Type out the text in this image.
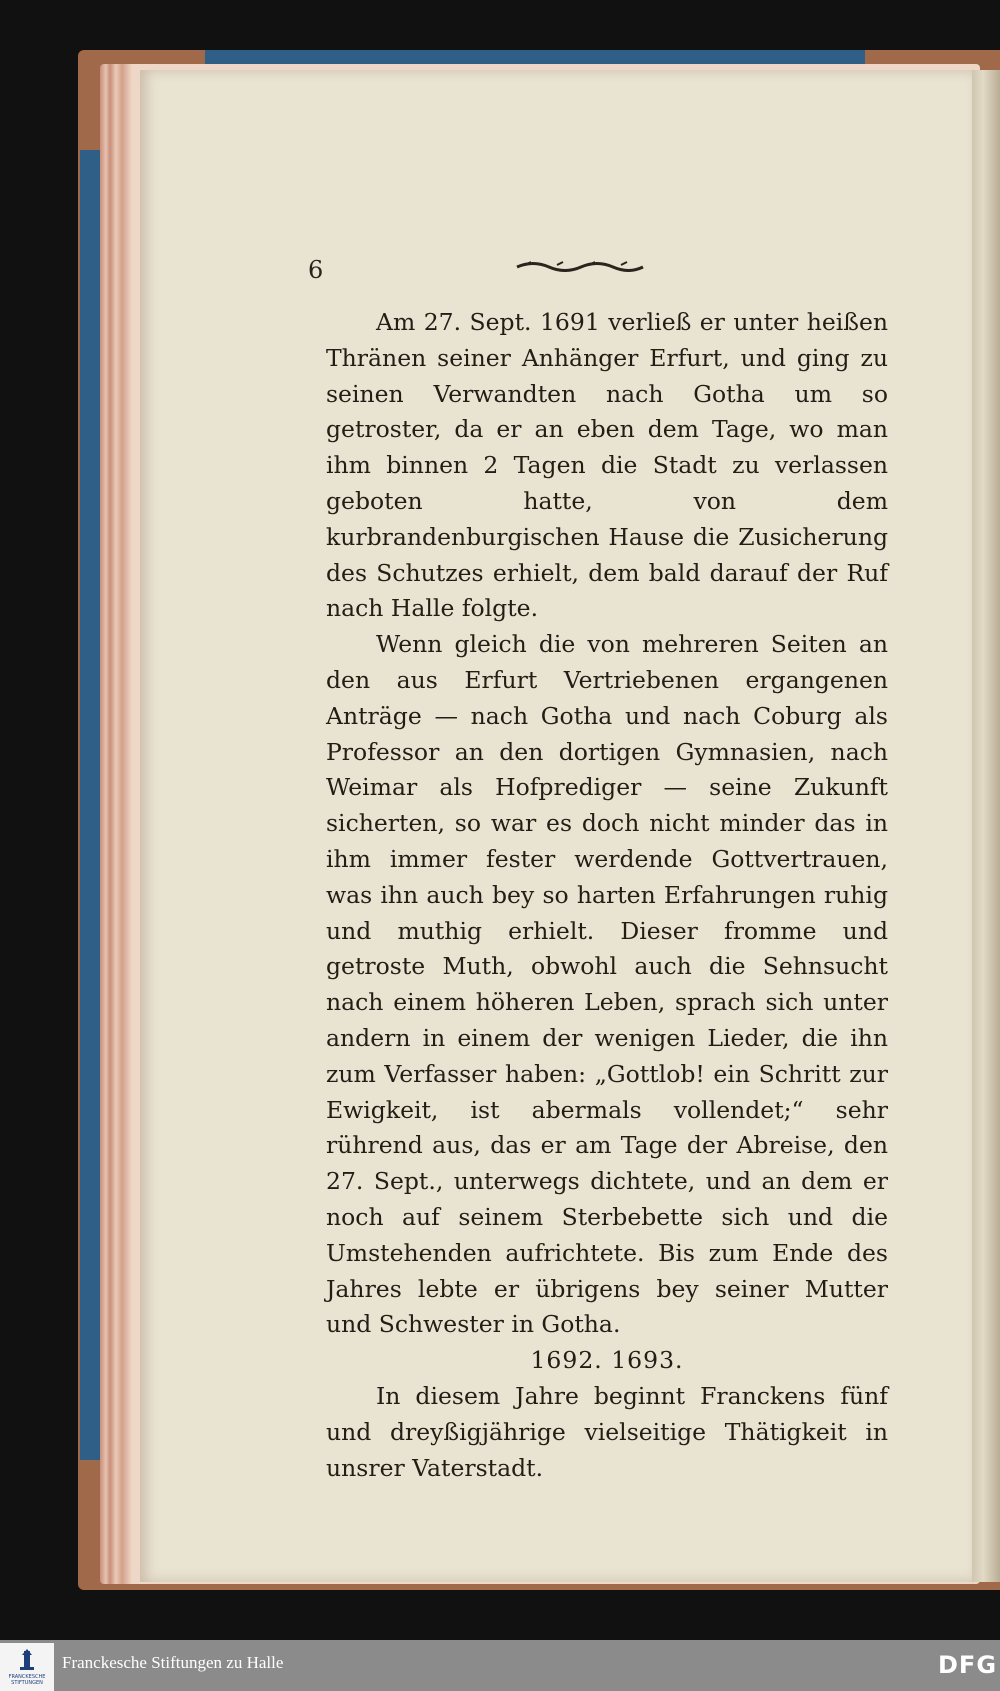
6

Am 27. Sept. 1691 verließ er unter heißen Thränen seiner Anhänger Erfurt, und ging zu seinen Verwandten nach Gotha um so getroster, da er an eben dem Tage, wo man ihm binnen 2 Tagen die Stadt zu verlassen geboten hatte, von dem kurbrandenburgischen Hause die Zusicherung des Schutzes erhielt, dem bald darauf der Ruf nach Halle folgte.

Wenn gleich die von mehreren Seiten an den aus Erfurt Vertriebenen ergangenen Anträge — nach Gotha und nach Coburg als Professor an den dortigen Gymnasien, nach Weimar als Hofprediger — seine Zukunft sicherten, so war es doch nicht minder das in ihm immer fester werdende Gottvertrauen, was ihn auch bey so harten Erfahrungen ruhig und muthig erhielt. Dieser fromme und getroste Muth, obwohl auch die Sehnsucht nach einem höheren Leben, sprach sich unter andern in einem der wenigen Lieder, die ihn zum Verfasser haben: „Gottlob! ein Schritt zur Ewigkeit, ist abermals vollendet;“ sehr rührend aus, das er am Tage der Abreise, den 27. Sept., unterwegs dichtete, und an dem er noch auf seinem Sterbebette sich und die Umstehenden aufrichtete. Bis zum Ende des Jahres lebte er übrigens bey seiner Mutter und Schwester in Gotha.

1692. 1693.

In diesem Jahre beginnt Franckens fünf und dreyßigjährige vielseitige Thätigkeit in unsrer Vaterstadt.

FRANCKESCHE STIFTUNGEN
Franckesche Stiftungen zu Halle	DFG
